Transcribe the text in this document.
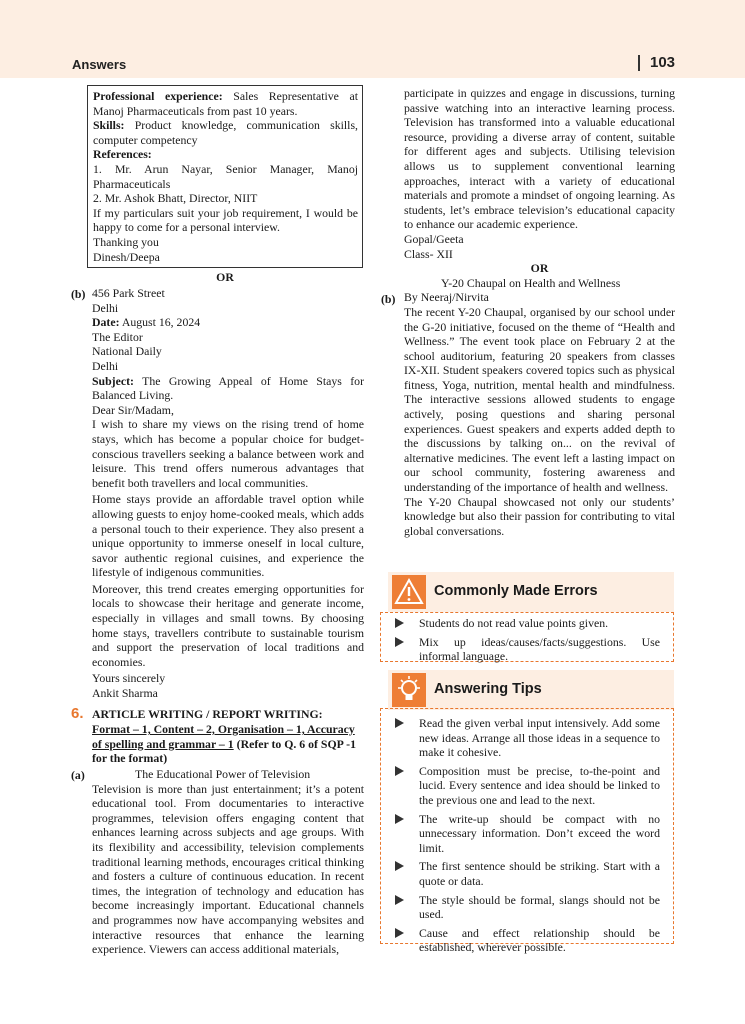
Answers	103

Professional experience: Sales Representative at Manoj Pharmaceuticals from past 10 years.

Skills: Product knowledge, communication skills, computer competency

References:

1. Mr. Arun Nayar, Senior Manager, Manoj Pharmaceuticals

2. Mr. Ashok Bhatt, Director, NIIT

If my particulars suit your job requirement, I would be happy to come for a personal interview.

Thanking you

Dinesh/Deepa

OR
(b) 456 Park Street

Delhi

Date: August 16, 2024

The Editor

National Daily

Delhi

Subject: The Growing Appeal of Home Stays for Balanced Living.

Dear Sir/Madam,

I wish to share my views on the rising trend of home stays, which has become a popular choice for budget-conscious travellers seeking a balance between work and leisure. This trend offers numerous advantages that benefit both travellers and local communities.

Home stays provide an affordable travel option while allowing guests to enjoy home-cooked meals, which adds a personal touch to their experience. They also present a unique opportunity to immerse oneself in local culture, savor authentic regional cuisines, and experience the lifestyle of indigenous communities.

Moreover, this trend creates emerging opportunities for locals to showcase their heritage and generate income, especially in villages and small towns. By choosing home stays, travellers contribute to sustainable tourism and support the preservation of local traditions and economies.

Yours sincerely

Ankit Sharma

6. ARTICLE WRITING / REPORT WRITING:
Format – 1, Content – 2, Organisation – 1, Accuracy of spelling and grammar – 1 (Refer to Q. 6 of SQP -1 for the format)
(a)	The Educational Power of Television

Television is more than just entertainment; it’s a potent educational tool. From documentaries to interactive programmes, television offers engaging content that enhances learning across subjects and age groups. With its flexibility and accessibility, television complements traditional learning methods, encourages critical thinking and fosters a culture of continuous education. In recent times, the integration of technology and education has become increasingly important. Educational channels and programmes now have accompanying websites and interactive resources that enhance the learning experience. Viewers can access additional materials,

participate in quizzes and engage in discussions, turning passive watching into an interactive learning process. Television has transformed into a valuable educational resource, providing a diverse array of content, suitable for different ages and subjects. Utilising television allows us to supplement conventional learning approaches, interact with a variety of educational materials and promote a mindset of ongoing learning. As students, let’s embrace television’s educational capacity to enhance our academic experience.

Gopal/Geeta

Class- XII

OR

Y-20 Chaupal on Health and Wellness

By Neeraj/Nirvita

The recent Y-20 Chaupal, organised by our school under the G-20 initiative, focused on the theme of “Health and Wellness.” The event took place on February 2 at the school auditorium, featuring 20 speakers from classes IX-XII. Student speakers covered topics such as physical fitness, Yoga, nutrition, mental health and mindfulness. The interactive sessions allowed students to engage actively, posing questions and sharing personal experiences. Guest speakers and experts added depth to the discussions by talking on... on the revival of alternative medicines. The event left a lasting impact on our school community, fostering awareness and understanding of the importance of health and wellness.

The Y-20 Chaupal showcased not only our students’ knowledge but also their passion for contributing to vital global conversations.

(b)
Commonly Made Errors
Students do not read value points given.
Mix up ideas/causes/facts/suggestions. Use informal language.
Answering Tips
Read the given verbal input intensively. Add some new ideas. Arrange all those ideas in a sequence to make it cohesive.
Composition must be precise, to-the-point and lucid. Every sentence and idea should be linked to the previous one and lead to the next.
The write-up should be compact with no unnecessary information. Don’t exceed the word limit.
The first sentence should be striking. Start with a quote or data.
The style should be formal, slangs should not be used.
Cause and effect relationship should be established, wherever possible.
